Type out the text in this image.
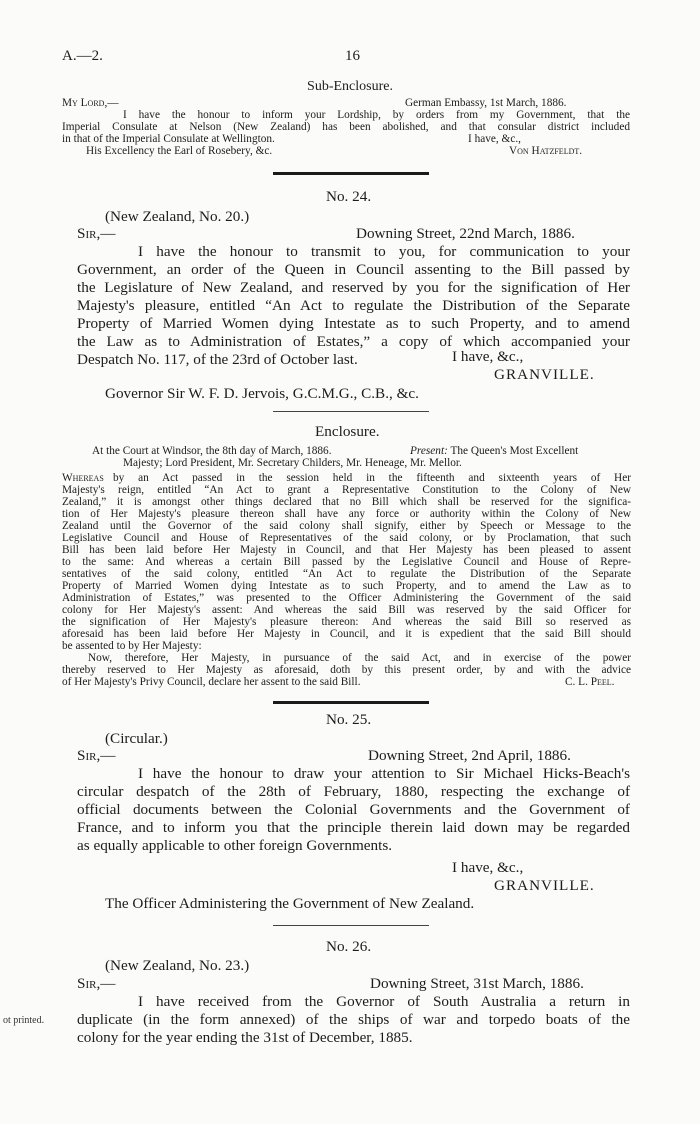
A.—2.	16
Sub-Enclosure.
My Lord,—	German Embassy, 1st March, 1886.
I have the honour to inform your Lordship, by orders from my Government, that the
Imperial Consulate at Nelson (New Zealand) has been abolished, and that consular district included
in that of the Imperial Consulate at Wellington.	I have, &c.,
His Excellency the Earl of Rosebery, &c.	Von Hatzfeldt.
No. 24.
(New Zealand, No. 20.)
Sir,—	Downing Street, 22nd March, 1886.
I have the honour to transmit to you, for communication to your
Government, an order of the Queen in Council assenting to the Bill passed by
the Legislature of New Zealand, and reserved by you for the signification of Her
Majesty's pleasure, entitled “An Act to regulate the Distribution of the Separate
Property of Married Women dying Intestate as to such Property, and to amend
the Law as to Administration of Estates,” a copy of which accompanied your
Despatch No. 117, of the 23rd of October last.	I have, &c.,
GRANVILLE.
Governor Sir W. F. D. Jervois, G.C.M.G., C.B., &c.
Enclosure.
At the Court at Windsor, the 8th day of March, 1886.	Present: The Queen's Most Excellent
Majesty; Lord President, Mr. Secretary Childers, Mr. Heneage, Mr. Mellor.
Whereas by an Act passed in the session held in the fifteenth and sixteenth years of Her
Majesty's reign, entitled “An Act to grant a Representative Constitution to the Colony of New
Zealand,” it is amongst other things declared that no Bill which shall be reserved for the significa-
tion of Her Majesty's pleasure thereon shall have any force or authority within the Colony of New
Zealand until the Governor of the said colony shall signify, either by Speech or Message to the
Legislative Council and House of Representatives of the said colony, or by Proclamation, that such
Bill has been laid before Her Majesty in Council, and that Her Majesty has been pleased to assent
to the same: And whereas a certain Bill passed by the Legislative Council and House of Repre-
sentatives of the said colony, entitled “An Act to regulate the Distribution of the Separate
Property of Married Women dying Intestate as to such Property, and to amend the Law as to
Administration of Estates,” was presented to the Officer Administering the Government of the said
colony for Her Majesty's assent: And whereas the said Bill was reserved by the said Officer for
the signification of Her Majesty's pleasure thereon: And whereas the said Bill so reserved as
aforesaid has been laid before Her Majesty in Council, and it is expedient that the said Bill should
be assented to by Her Majesty:
Now, therefore, Her Majesty, in pursuance of the said Act, and in exercise of the power
thereby reserved to Her Majesty as aforesaid, doth by this present order, by and with the advice
of Her Majesty's Privy Council, declare her assent to the said Bill.	C. L. Peel.
No. 25.
(Circular.)
Sir,—	Downing Street, 2nd April, 1886.
I have the honour to draw your attention to Sir Michael Hicks-Beach's
circular despatch of the 28th of February, 1880, respecting the exchange of
official documents between the Colonial Governments and the Government of
France, and to inform you that the principle therein laid down may be regarded
as equally applicable to other foreign Governments.
I have, &c.,
GRANVILLE.
The Officer Administering the Government of New Zealand.
No. 26.
(New Zealand, No. 23.)
Sir,—	Downing Street, 31st March, 1886.
I have received from the Governor of South Australia a return in
ot printed. duplicate (in the form annexed) of the ships of war and torpedo boats of the
colony for the year ending the 31st of December, 1885.
